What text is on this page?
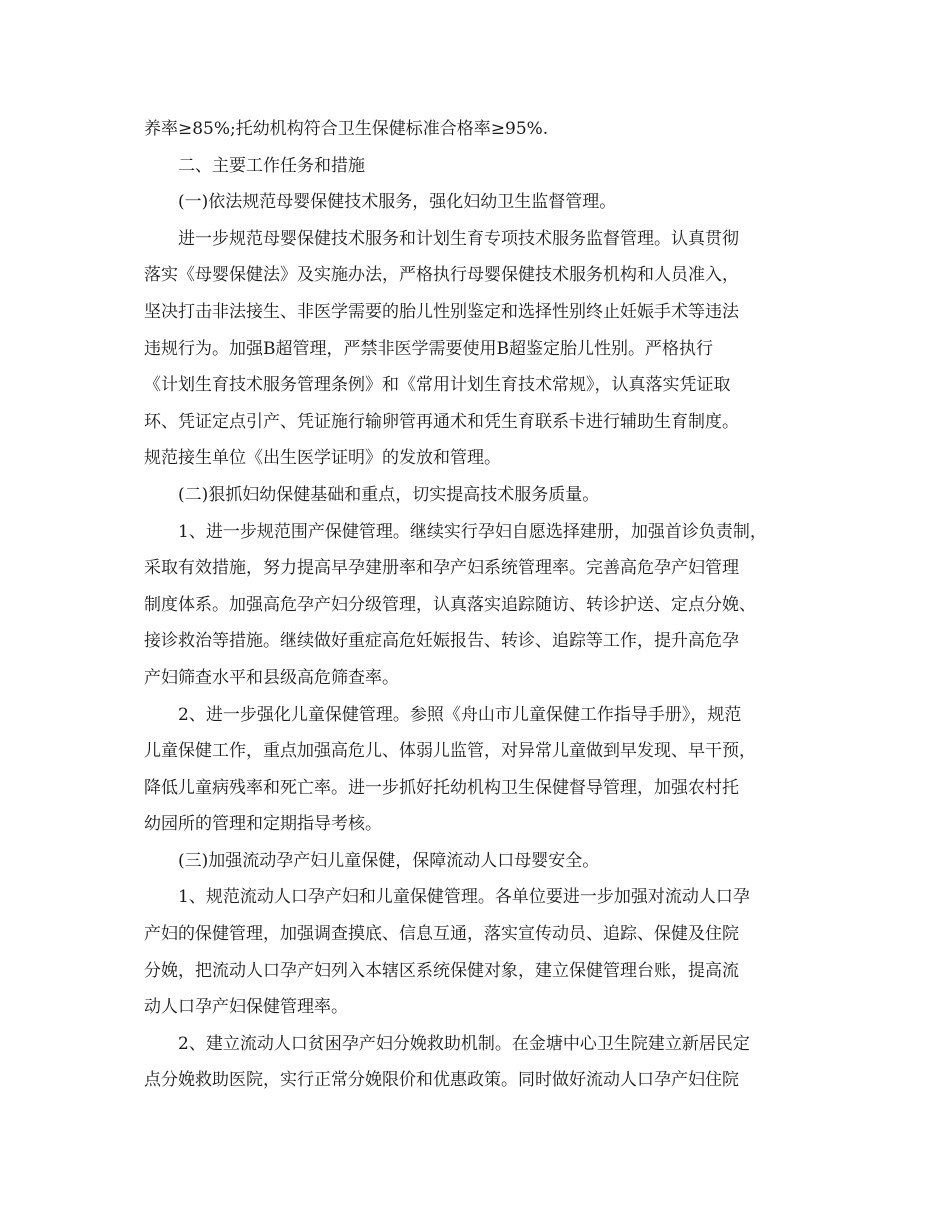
养率≥85%;托幼机构符合卫生保健标准合格率≥95%.
二、主要工作任务和措施
(一)依法规范母婴保健技术服务，强化妇幼卫生监督管理。
进一步规范母婴保健技术服务和计划生育专项技术服务监督管理。认真贯彻
落实《母婴保健法》及实施办法，严格执行母婴保健技术服务机构和人员准入，
坚决打击非法接生、非医学需要的胎儿性别鉴定和选择性别终止妊娠手术等违法
违规行为。加强B超管理，严禁非医学需要使用B超鉴定胎儿性别。严格执行
《计划生育技术服务管理条例》和《常用计划生育技术常规》，认真落实凭证取
环、凭证定点引产、凭证施行输卵管再通术和凭生育联系卡进行辅助生育制度。
规范接生单位《出生医学证明》的发放和管理。
(二)狠抓妇幼保健基础和重点，切实提高技术服务质量。
1、进一步规范围产保健管理。继续实行孕妇自愿选择建册，加强首诊负责制，
采取有效措施，努力提高早孕建册率和孕产妇系统管理率。完善高危孕产妇管理
制度体系。加强高危孕产妇分级管理，认真落实追踪随访、转诊护送、定点分娩、
接诊救治等措施。继续做好重症高危妊娠报告、转诊、追踪等工作，提升高危孕
产妇筛查水平和县级高危筛查率。
2、进一步强化儿童保健管理。参照《舟山市儿童保健工作指导手册》，规范
儿童保健工作，重点加强高危儿、体弱儿监管，对异常儿童做到早发现、早干预，
降低儿童病残率和死亡率。进一步抓好托幼机构卫生保健督导管理，加强农村托
幼园所的管理和定期指导考核。
(三)加强流动孕产妇儿童保健，保障流动人口母婴安全。
1、规范流动人口孕产妇和儿童保健管理。各单位要进一步加强对流动人口孕
产妇的保健管理，加强调查摸底、信息互通，落实宣传动员、追踪、保健及住院
分娩，把流动人口孕产妇列入本辖区系统保健对象，建立保健管理台账，提高流
动人口孕产妇保健管理率。
2、建立流动人口贫困孕产妇分娩救助机制。在金塘中心卫生院建立新居民定
点分娩救助医院，实行正常分娩限价和优惠政策。同时做好流动人口孕产妇住院
